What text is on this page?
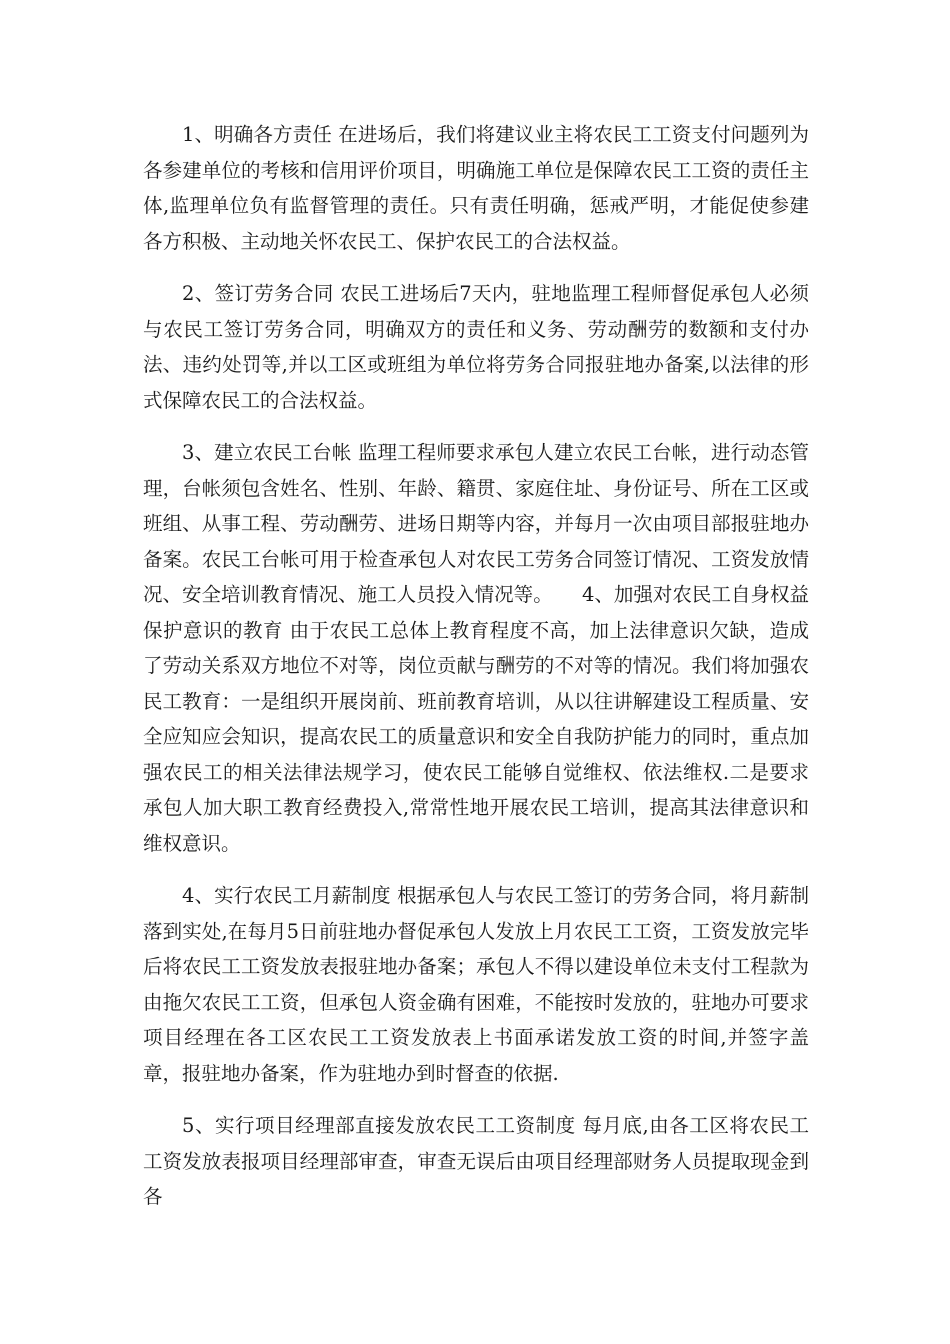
1、明确各方责任 在进场后，我们将建议业主将农民工工资支付问题列为各参建单位的考核和信用评价项目，明确施工单位是保障农民工工资的责任主体,监理单位负有监督管理的责任。只有责任明确，惩戒严明，才能促使参建各方积极、主动地关怀农民工、保护农民工的合法权益。

2、签订劳务合同 农民工进场后7天内，驻地监理工程师督促承包人必须与农民工签订劳务合同，明确双方的责任和义务、劳动酬劳的数额和支付办法、违约处罚等,并以工区或班组为单位将劳务合同报驻地办备案,以法律的形式保障农民工的合法权益。

3、建立农民工台帐 监理工程师要求承包人建立农民工台帐，进行动态管理，台帐须包含姓名、性别、年龄、籍贯、家庭住址、身份证号、所在工区或班组、从事工程、劳动酬劳、进场日期等内容，并每月一次由项目部报驻地办备案。农民工台帐可用于检查承包人对农民工劳务合同签订情况、工资发放情况、安全培训教育情况、施工人员投入情况等。　　4、加强对农民工自身权益保护意识的教育 由于农民工总体上教育程度不高，加上法律意识欠缺，造成了劳动关系双方地位不对等，岗位贡献与酬劳的不对等的情况。我们将加强农民工教育：一是组织开展岗前、班前教育培训，从以往讲解建设工程质量、安全应知应会知识，提高农民工的质量意识和安全自我防护能力的同时，重点加强农民工的相关法律法规学习，使农民工能够自觉维权、依法维权.二是要求承包人加大职工教育经费投入,常常性地开展农民工培训，提高其法律意识和维权意识。

4、实行农民工月薪制度 根据承包人与农民工签订的劳务合同，将月薪制落到实处,在每月5日前驻地办督促承包人发放上月农民工工资，工资发放完毕后将农民工工资发放表报驻地办备案；承包人不得以建设单位未支付工程款为由拖欠农民工工资，但承包人资金确有困难，不能按时发放的，驻地办可要求项目经理在各工区农民工工资发放表上书面承诺发放工资的时间,并签字盖章，报驻地办备案，作为驻地办到时督查的依据.

5、实行项目经理部直接发放农民工工资制度 每月底,由各工区将农民工工资发放表报项目经理部审查，审查无误后由项目经理部财务人员提取现金到各
